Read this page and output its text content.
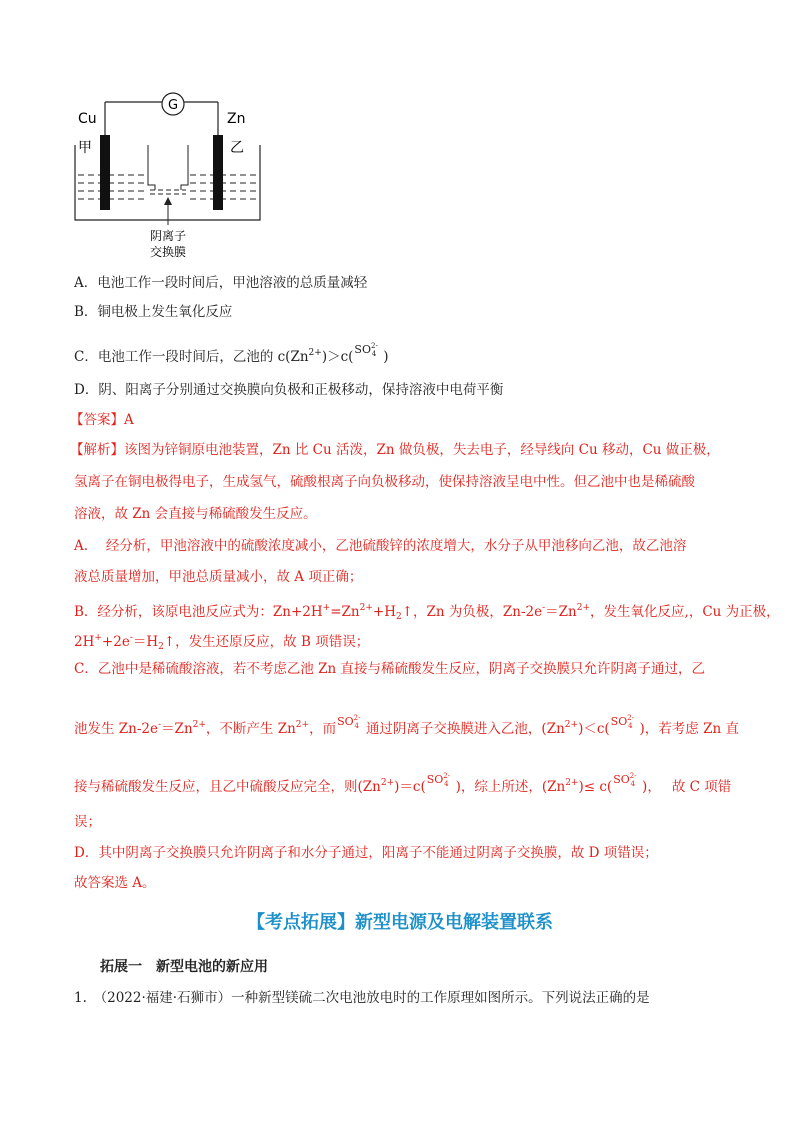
G
Cu	Zn
甲	乙
阴离子
交换膜
A．电池工作一段时间后，甲池溶液的总质量减轻
B．铜电极上发生氧化反应
C．电池工作一段时间后，乙池的 $c(Zn^{2+})>c(SO^{2-}_4$ )
D．阴、阳离子分别通过交换膜向负极和正极移动，保持溶液中电荷平衡
【答案】A
【解析】该图为锌铜原电池装置，Zn 比 Cu 活泼，Zn 做负极，失去电子，经导线向 Cu 移动，Cu 做正极，
氢离子在铜电极得电子，生成氢气，硫酸根离子向负极移动，使保持溶液呈电中性。但乙池中也是稀硫酸
溶液，故 Zn 会直接与稀硫酸发生反应。
A.　 经分析，甲池溶液中的硫酸浓度减小，乙池硫酸锌的浓度增大，水分子从甲池移向乙池，故乙池溶
液总质量增加，甲池总质量减小，故 A 项正确；
B．经分析，该原电池反应式为：$Zn+2H^+=Zn^{2+}+H_2↑$，Zn 为负极，$Zn-2e^-=Zn^{2+}$，发生氧化反应,，Cu 为正极，
$2H^++2e^-=H_2↑$，发生还原反应，故 B 项错误；
C．乙池中是稀硫酸溶液，若不考虑乙池 Zn 直接与稀硫酸发生反应，阴离子交换膜只允许阴离子通过，乙
池发生 $Zn-2e^-=Zn^{2+}$，不断产生 $Zn^{2+}$，而$SO^{2-}_4$ 通过阴离子交换膜进入乙池，$(Zn^{2+})<c(SO^{2-}_4$ )，若考虑 Zn 直
接与稀硫酸发生反应，且乙中硫酸反应完全，则$(Zn^{2+})=c(SO^{2-}_4$ )，综上所述，$(Zn^{2+})\le c(SO^{2-}_4$ )，　 故 C 项错
误；
D．其中阴离子交换膜只允许阴离子和水分子通过，阳离子不能通过阴离子交换膜，故 D 项错误；
故答案选 A。
【考点拓展】新型电源及电解装置联系
拓展一　新型电池的新应用
1.　（2022·福建·石狮市）一种新型镁硫二次电池放电时的工作原理如图所示。下列说法正确的是
